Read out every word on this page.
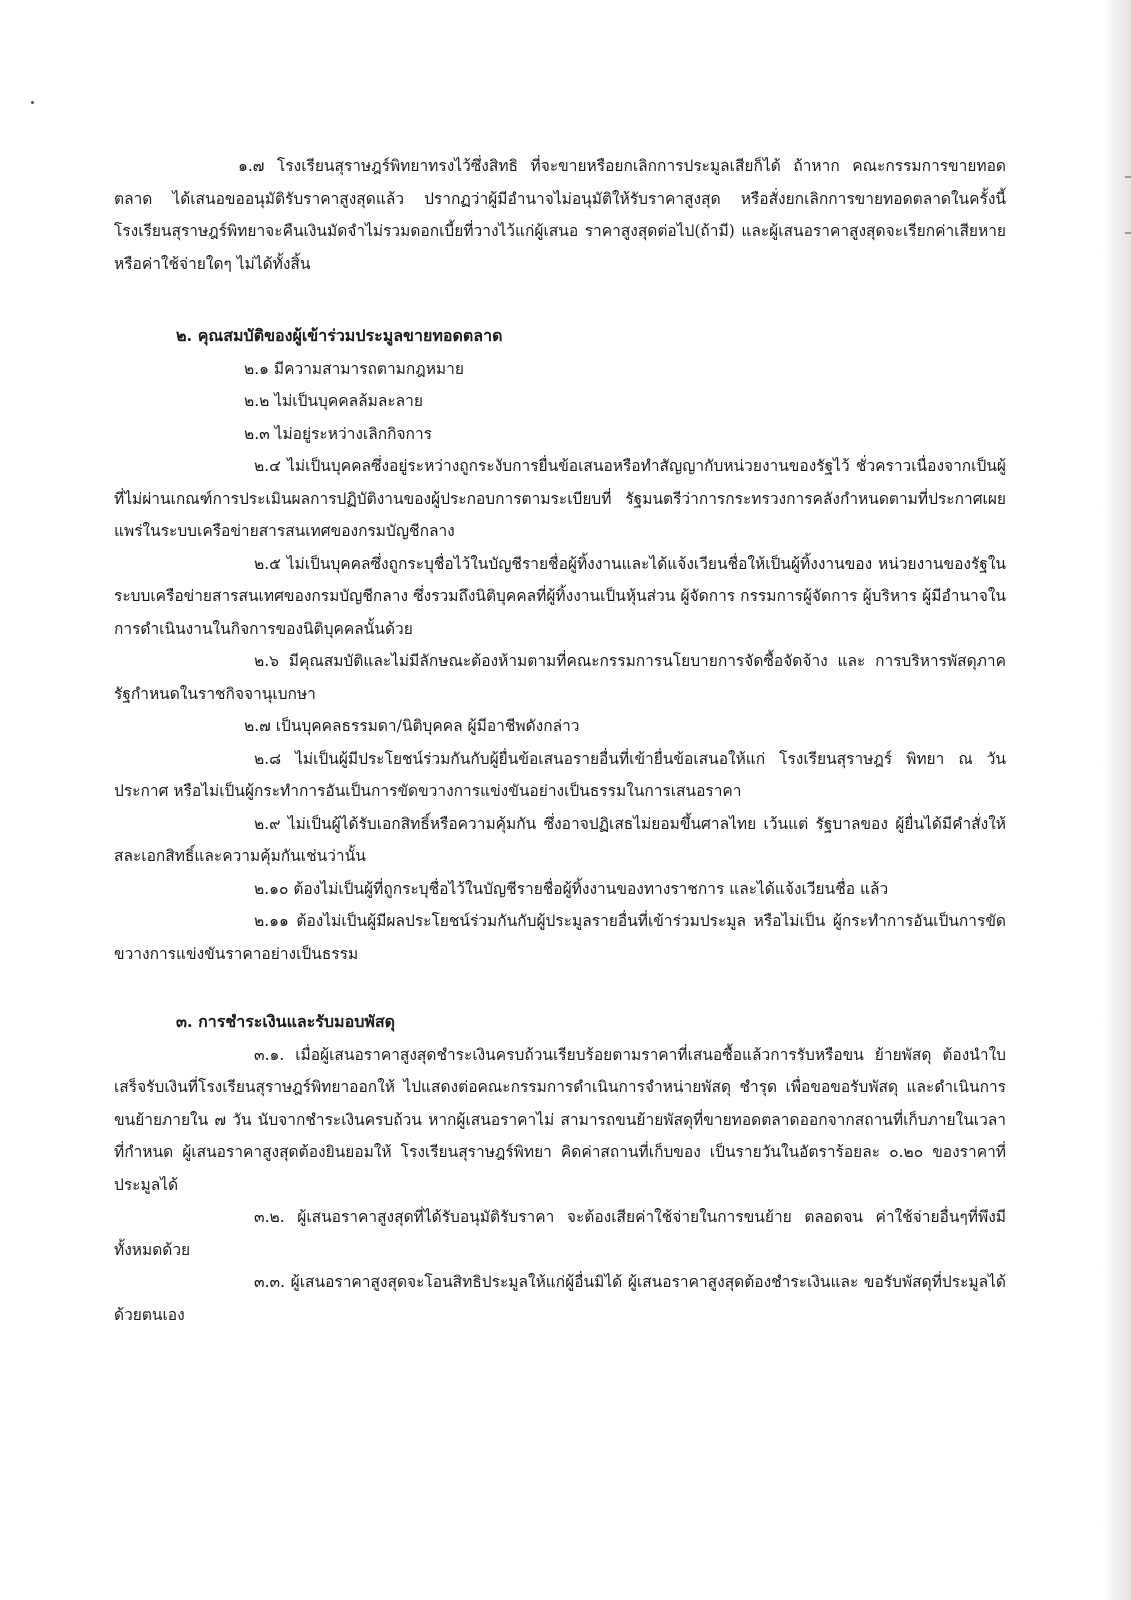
๑.๗ โรงเรียนสุราษฎร์พิทยาทรงไว้ซึ่งสิทธิ ที่จะขายหรือยกเลิกการประมูลเสียก็ได้ ถ้าหาก คณะกรรมการขายทอดตลาด ได้เสนอขออนุมัติรับราคาสูงสุดแล้ว ปรากฏว่าผู้มีอำนาจไม่อนุมัติให้รับราคาสูงสุด หรือสั่งยกเลิกการขายทอดตลาดในครั้งนี้ โรงเรียนสุราษฎร์พิทยาจะคืนเงินมัดจำไม่รวมดอกเบี้ยที่วางไว้แก่ผู้เสนอ ราคาสูงสุดต่อไป(ถ้ามี) และผู้เสนอราคาสูงสุดจะเรียกค่าเสียหายหรือค่าใช้จ่ายใดๆ ไม่ได้ทั้งสิ้น

๒. คุณสมบัติของผู้เข้าร่วมประมูลขายทอดตลาด

๒.๑ มีความสามารถตามกฎหมาย

๒.๒ ไม่เป็นบุคคลล้มละลาย

๒.๓ ไม่อยู่ระหว่างเลิกกิจการ

๒.๔ ไม่เป็นบุคคลซึ่งอยู่ระหว่างถูกระงับการยื่นข้อเสนอหรือทำสัญญากับหน่วยงานของรัฐไว้ ชั่วคราวเนื่องจากเป็นผู้ที่ไม่ผ่านเกณฑ์การประเมินผลการปฏิบัติงานของผู้ประกอบการตามระเบียบที่ รัฐมนตรีว่าการกระทรวงการคลังกำหนดตามที่ประกาศเผยแพร่ในระบบเครือข่ายสารสนเทศของกรมบัญชีกลาง

๒.๕ ไม่เป็นบุคคลซึ่งถูกระบุชื่อไว้ในบัญชีรายชื่อผู้ทิ้งงานและได้แจ้งเวียนชื่อให้เป็นผู้ทิ้งงานของ หน่วยงานของรัฐในระบบเครือข่ายสารสนเทศของกรมบัญชีกลาง ซึ่งรวมถึงนิติบุคคลที่ผู้ทิ้งงานเป็นหุ้นส่วน ผู้จัดการ กรรมการผู้จัดการ ผู้บริหาร ผู้มีอำนาจในการดำเนินงานในกิจการของนิติบุคคลนั้นด้วย

๒.๖ มีคุณสมบัติและไม่มีลักษณะต้องห้ามตามที่คณะกรรมการนโยบายการจัดซื้อจัดจ้าง และ การบริหารพัสดุภาครัฐกำหนดในราชกิจจานุเบกษา

๒.๗ เป็นบุคคลธรรมดา/นิติบุคคล ผู้มีอาชีพดังกล่าว

๒.๘ ไม่เป็นผู้มีประโยชน์ร่วมกันกับผู้ยื่นข้อเสนอรายอื่นที่เข้ายื่นข้อเสนอให้แก่ โรงเรียนสุราษฎร์ พิทยา ณ วันประกาศ หรือไม่เป็นผู้กระทำการอันเป็นการขัดขวางการแข่งขันอย่างเป็นธรรมในการเสนอราคา

๒.๙ ไม่เป็นผู้ได้รับเอกสิทธิ์หรือความคุ้มกัน ซึ่งอาจปฏิเสธไม่ยอมขึ้นศาลไทย เว้นแต่ รัฐบาลของ ผู้ยื่นได้มีคำสั่งให้สละเอกสิทธิ์และความคุ้มกันเช่นว่านั้น

๒.๑๐ ต้องไม่เป็นผู้ที่ถูกระบุชื่อไว้ในบัญชีรายชื่อผู้ทิ้งงานของทางราชการ และได้แจ้งเวียนชื่อ แล้ว

๒.๑๑ ต้องไม่เป็นผู้มีผลประโยชน์ร่วมกันกับผู้ประมูลรายอื่นที่เข้าร่วมประมูล หรือไม่เป็น ผู้กระทำการอันเป็นการขัดขวางการแข่งขันราคาอย่างเป็นธรรม

๓. การชำระเงินและรับมอบพัสดุ

๓.๑. เมื่อผู้เสนอราคาสูงสุดชำระเงินครบถ้วนเรียบร้อยตามราคาที่เสนอซื้อแล้วการรับหรือขน ย้ายพัสดุ ต้องนำใบเสร็จรับเงินที่โรงเรียนสุราษฎร์พิทยาออกให้ ไปแสดงต่อคณะกรรมการดำเนินการจำหน่ายพัสดุ ชำรุด เพื่อขอขอรับพัสดุ และดำเนินการขนย้ายภายใน ๗ วัน นับจากชำระเงินครบถ้วน หากผู้เสนอราคาไม่ สามารถขนย้ายพัสดุที่ขายทอดตลาดออกจากสถานที่เก็บภายในเวลาที่กำหนด ผู้เสนอราคาสูงสุดต้องยินยอมให้ โรงเรียนสุราษฎร์พิทยา คิดค่าสถานที่เก็บของ เป็นรายวันในอัตราร้อยละ ๐.๒๐ ของราคาที่ประมูลได้

๓.๒. ผู้เสนอราคาสูงสุดที่ได้รับอนุมัติรับราคา จะต้องเสียค่าใช้จ่ายในการขนย้าย ตลอดจน ค่าใช้จ่ายอื่นๆที่พึงมีทั้งหมดด้วย

๓.๓. ผู้เสนอราคาสูงสุดจะโอนสิทธิประมูลให้แก่ผู้อื่นมิได้ ผู้เสนอราคาสูงสุดต้องชำระเงินและ ขอรับพัสดุที่ประมูลได้ด้วยตนเอง
